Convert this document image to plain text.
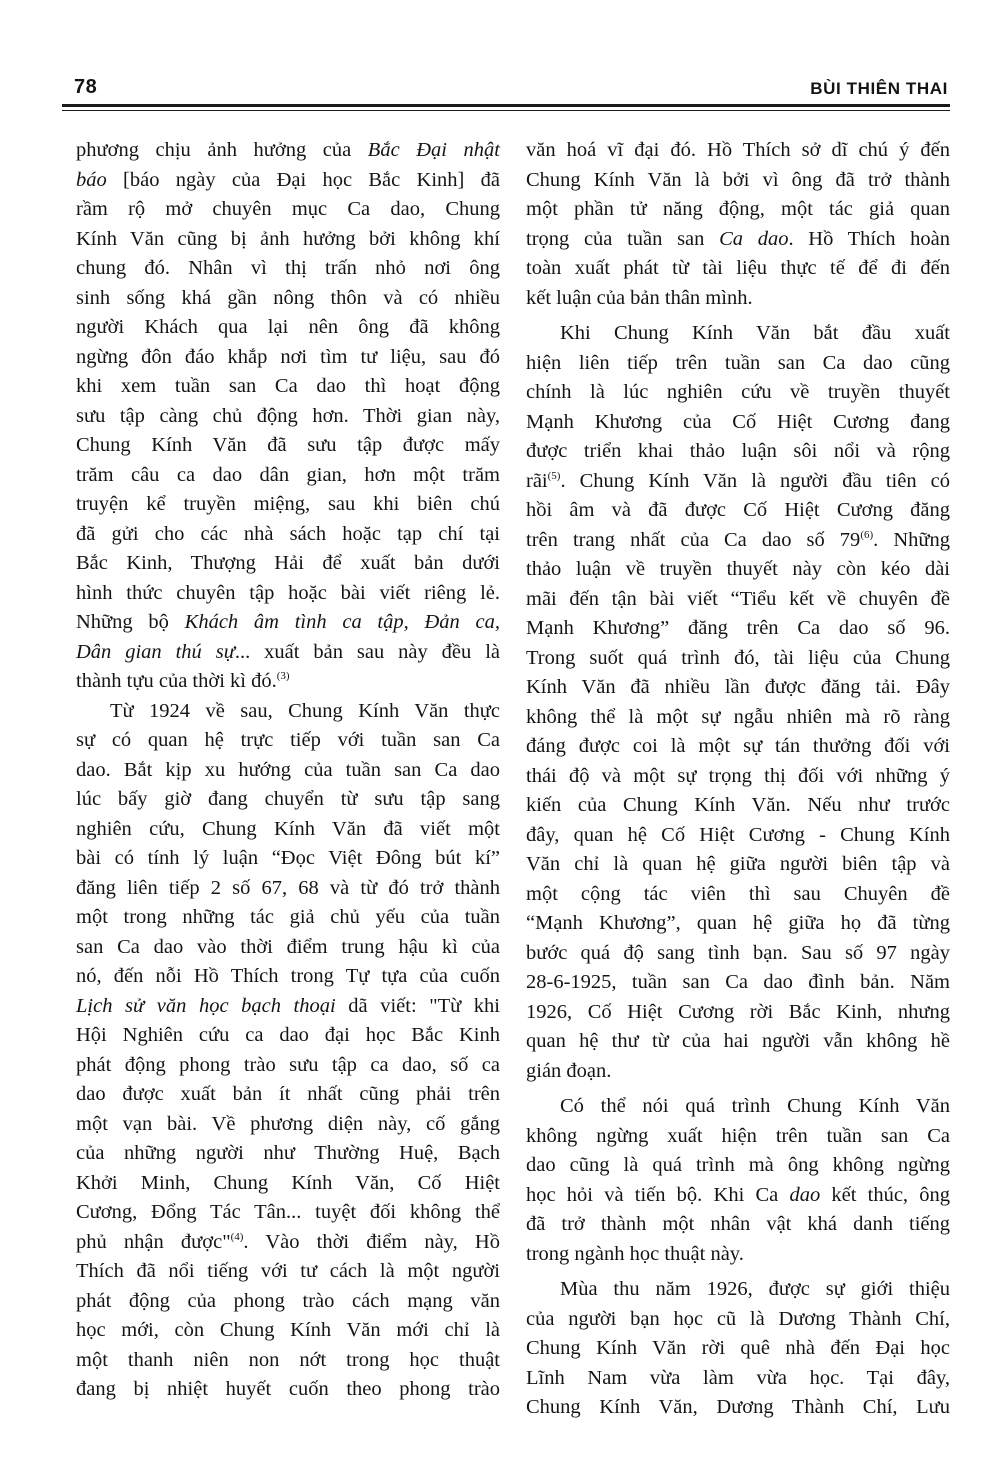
78	BÙI THIÊN THAI
phương chịu ảnh hưởng của Bắc Đại nhật
báo [báo ngày của Đại học Bắc Kinh] đã
rầm rộ mở chuyên mục Ca dao, Chung
Kính Văn cũng bị ảnh hưởng bởi không khí
chung đó. Nhân vì thị trấn nhỏ nơi ông
sinh sống khá gần nông thôn và có nhiều
người Khách qua lại nên ông đã không
ngừng đôn đáo khắp nơi tìm tư liệu, sau đó
khi xem tuần san Ca dao thì hoạt động
sưu tập càng chủ động hơn. Thời gian này,
Chung Kính Văn đã sưu tập được mấy
trăm câu ca dao dân gian, hơn một trăm
truyện kể truyền miệng, sau khi biên chú
đã gửi cho các nhà sách hoặc tạp chí tại
Bắc Kinh, Thượng Hải để xuất bản dưới
hình thức chuyên tập hoặc bài viết riêng lẻ.
Những bộ Khách âm tình ca tập, Đản ca,
Dân gian thú sự... xuất bản sau này đều là
thành tựu của thời kì đó.$^{(3)}$
Từ 1924 về sau, Chung Kính Văn thực
sự có quan hệ trực tiếp với tuần san Ca
dao. Bắt kịp xu hướng của tuần san Ca dao
lúc bấy giờ đang chuyển từ sưu tập sang
nghiên cứu, Chung Kính Văn đã viết một
bài có tính lý luận “Đọc Việt Đông bút kí”
đăng liên tiếp 2 số 67, 68 và từ đó trở thành
một trong những tác giả chủ yếu của tuần
san Ca dao vào thời điểm trung hậu kì của
nó, đến nỗi Hồ Thích trong Tự tựa của cuốn
Lịch sử văn học bạch thoại dã viết: "Từ khi
Hội Nghiên cứu ca dao đại học Bắc Kinh
phát động phong trào sưu tập ca dao, số ca
dao được xuất bản ít nhất cũng phải trên
một vạn bài. Về phương diện này, cố gắng
của những người như Thường Huệ, Bạch
Khởi Minh, Chung Kính Văn, Cố Hiệt
Cương, Đổng Tác Tân... tuyệt đối không thể
phủ nhận được"$^{(4)}$. Vào thời điểm này, Hồ
Thích đã nổi tiếng với tư cách là một người
phát động của phong trào cách mạng văn
học mới, còn Chung Kính Văn mới chỉ là
một thanh niên non nớt trong học thuật
đang bị nhiệt huyết cuốn theo phong trào
văn hoá vĩ đại đó. Hồ Thích sở dĩ chú ý đến
Chung Kính Văn là bởi vì ông đã trở thành
một phần tử năng động, một tác giả quan
trọng của tuần san Ca dao. Hồ Thích hoàn
toàn xuất phát từ tài liệu thực tế để đi đến
kết luận của bản thân mình.
Khi Chung Kính Văn bắt đầu xuất
hiện liên tiếp trên tuần san Ca dao cũng
chính là lúc nghiên cứu về truyền thuyết
Mạnh Khương của Cố Hiệt Cương đang
được triển khai thảo luận sôi nổi và rộng
rãi$^{(5)}$. Chung Kính Văn là người đầu tiên có
hồi âm và đã được Cố Hiệt Cương đăng
trên trang nhất của Ca dao số 79$^{(6)}$. Những
thảo luận về truyền thuyết này còn kéo dài
mãi đến tận bài viết “Tiểu kết về chuyên đề
Mạnh Khương” đăng trên Ca dao số 96.
Trong suốt quá trình đó, tài liệu của Chung
Kính Văn đã nhiều lần được đăng tải. Đây
không thể là một sự ngẫu nhiên mà rõ ràng
đáng được coi là một sự tán thưởng đối với
thái độ và một sự trọng thị đối với những ý
kiến của Chung Kính Văn. Nếu như trước
đây, quan hệ Cố Hiệt Cương - Chung Kính
Văn chỉ là quan hệ giữa người biên tập và
một cộng tác viên thì sau Chuyên đề
“Mạnh Khương”, quan hệ giữa họ đã từng
bước quá độ sang tình bạn. Sau số 97 ngày
28-6-1925, tuần san Ca dao đình bản. Năm
1926, Cố Hiệt Cương rời Bắc Kinh, nhưng
quan hệ thư từ của hai người vẫn không hề
gián đoạn.
Có thể nói quá trình Chung Kính Văn
không ngừng xuất hiện trên tuần san Ca
dao cũng là quá trình mà ông không ngừng
học hỏi và tiến bộ. Khi Ca dao kết thúc, ông
đã trở thành một nhân vật khá danh tiếng
trong ngành học thuật này.
Mùa thu năm 1926, được sự giới thiệu
của người bạn học cũ là Dương Thành Chí,
Chung Kính Văn rời quê nhà đến Đại học
Lĩnh Nam vừa làm vừa học. Tại đây,
Chung Kính Văn, Dương Thành Chí, Lưu
